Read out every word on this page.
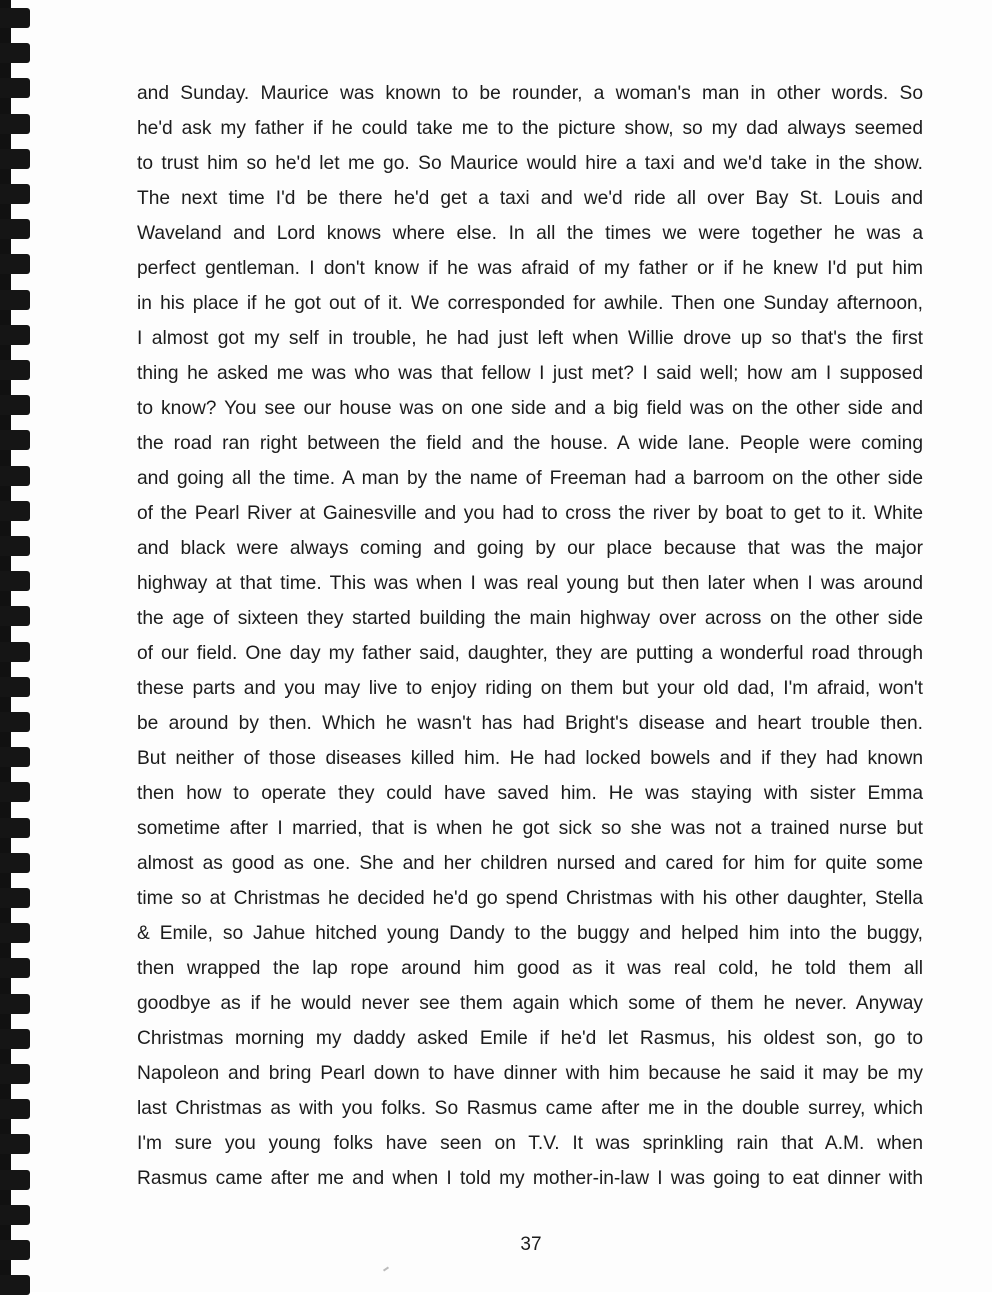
and Sunday. Maurice was known to be rounder, a woman's man in other words. So
he'd ask my father if he could take me to the picture show, so my dad always seemed
to trust him so he'd let me go. So Maurice would hire a taxi and we'd take in the show.
The next time I'd be there he'd get a taxi and we'd ride all over Bay St. Louis and
Waveland and Lord knows where else. In all the times we were together he was a
perfect gentleman. I don't know if he was afraid of my father or if he knew I'd put him
in his place if he got out of it. We corresponded for awhile. Then one Sunday afternoon,
I almost got my self in trouble, he had just left when Willie drove up so that's the first
thing he asked me was who was that fellow I just met? I said well; how am I supposed
to know? You see our house was on one side and a big field was on the other side and
the road ran right between the field and the house. A wide lane. People were coming
and going all the time. A man by the name of Freeman had a barroom on the other side
of the Pearl River at Gainesville and you had to cross the river by boat to get to it. White
and black were always coming and going by our place because that was the major
highway at that time. This was when I was real young but then later when I was around
the age of sixteen they started building the main highway over across on the other side
of our field. One day my father said, daughter, they are putting a wonderful road through
these parts and you may live to enjoy riding on them but your old dad, I'm afraid, won't
be around by then. Which he wasn't has had Bright's disease and heart trouble then.
But neither of those diseases killed him. He had locked bowels and if they had known
then how to operate they could have saved him. He was staying with sister Emma
sometime after I married, that is when he got sick so she was not a trained nurse but
almost as good as one. She and her children nursed and cared for him for quite some
time so at Christmas he decided he'd go spend Christmas with his other daughter, Stella
& Emile, so Jahue hitched young Dandy to the buggy and helped him into the buggy,
then wrapped the lap rope around him good as it was real cold, he told them all
goodbye as if he would never see them again which some of them he never. Anyway
Christmas morning my daddy asked Emile if he'd let Rasmus, his oldest son, go to
Napoleon and bring Pearl down to have dinner with him because he said it may be my
last Christmas as with you folks. So Rasmus came after me in the double surrey, which
I'm sure you young folks have seen on T.V. It was sprinkling rain that A.M. when
Rasmus came after me and when I told my mother-in-law I was going to eat dinner with
37
